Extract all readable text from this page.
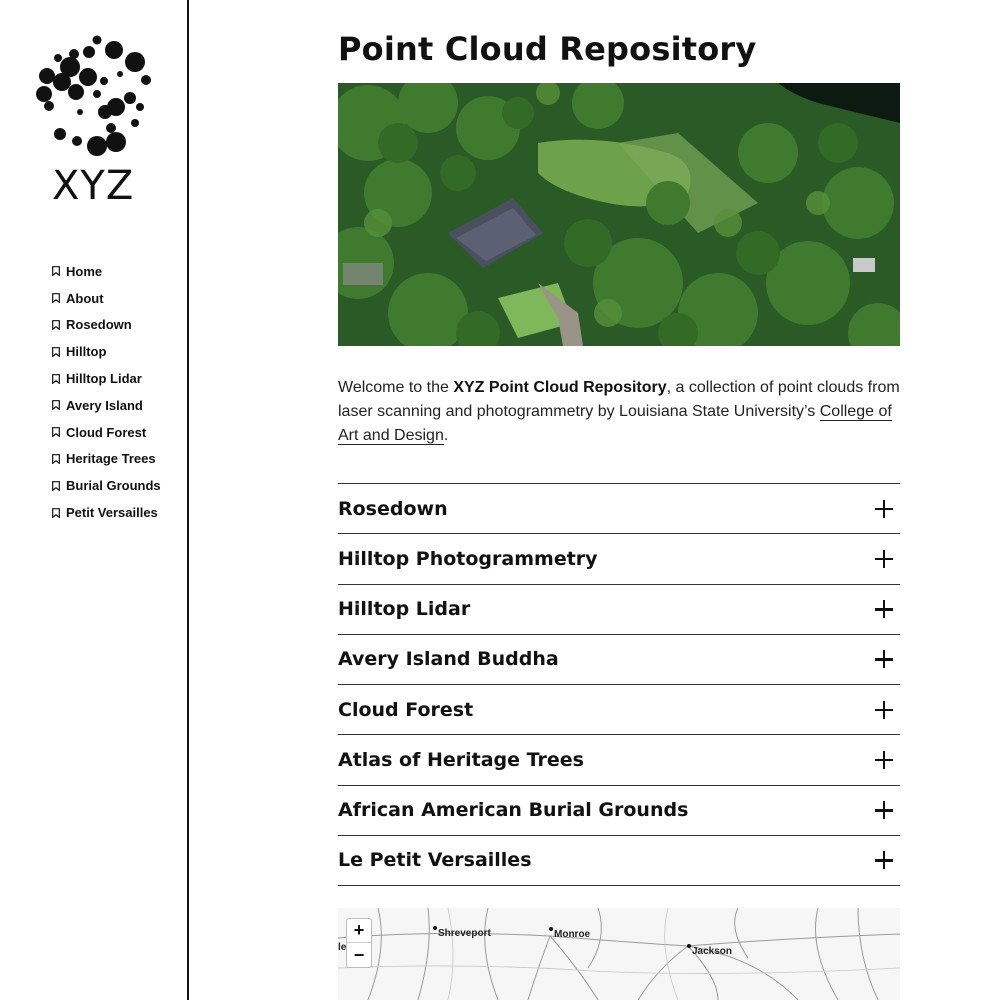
XYZ
Home
About
Rosedown
Hilltop
Hilltop Lidar
Avery Island
Cloud Forest
Heritage Trees
Burial Grounds
Petit Versailles
Point Cloud Repository

Welcome to the XYZ Point Cloud Repository, a collection of point clouds from laser scanning and photogrammetry by Louisiana State University’s College of Art and Design.

Rosedown
Hilltop Photogrammetry
Hilltop Lidar
Avery Island Buddha
Cloud Forest
Atlas of Heritage Trees
African American Burial Grounds
Le Petit Versailles
+
−
le
Shreveport	Monroe
Jackson
